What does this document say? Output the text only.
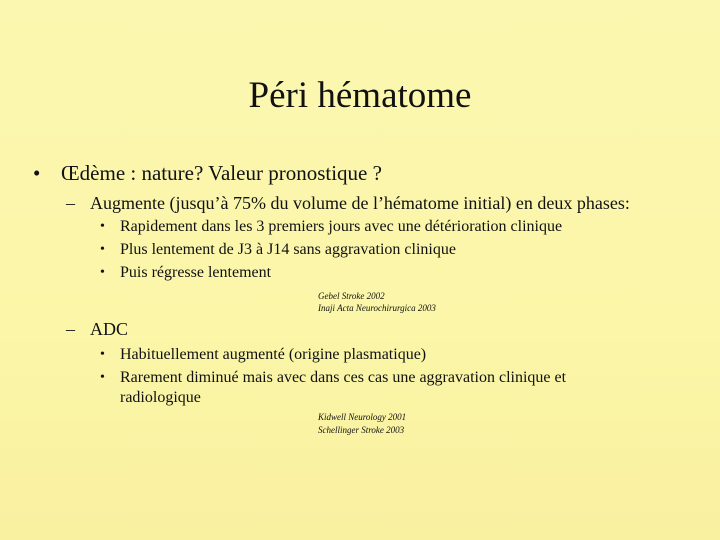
Péri hématome
• Œdème : nature? Valeur pronostique ?
– Augmente (jusqu’à 75% du volume de l’hématome initial) en deux phases:
• Rapidement dans les 3 premiers jours avec une détérioration clinique
• Plus lentement de J3 à J14 sans aggravation clinique
• Puis régresse lentement
Gebel Stroke 2002
Inaji Acta Neurochirurgica 2003
– ADC
• Habituellement augmenté (origine plasmatique)
• Rarement diminué mais avec dans ces cas une aggravation clinique et radiologique
Kidwell Neurology 2001
Schellinger Stroke 2003
